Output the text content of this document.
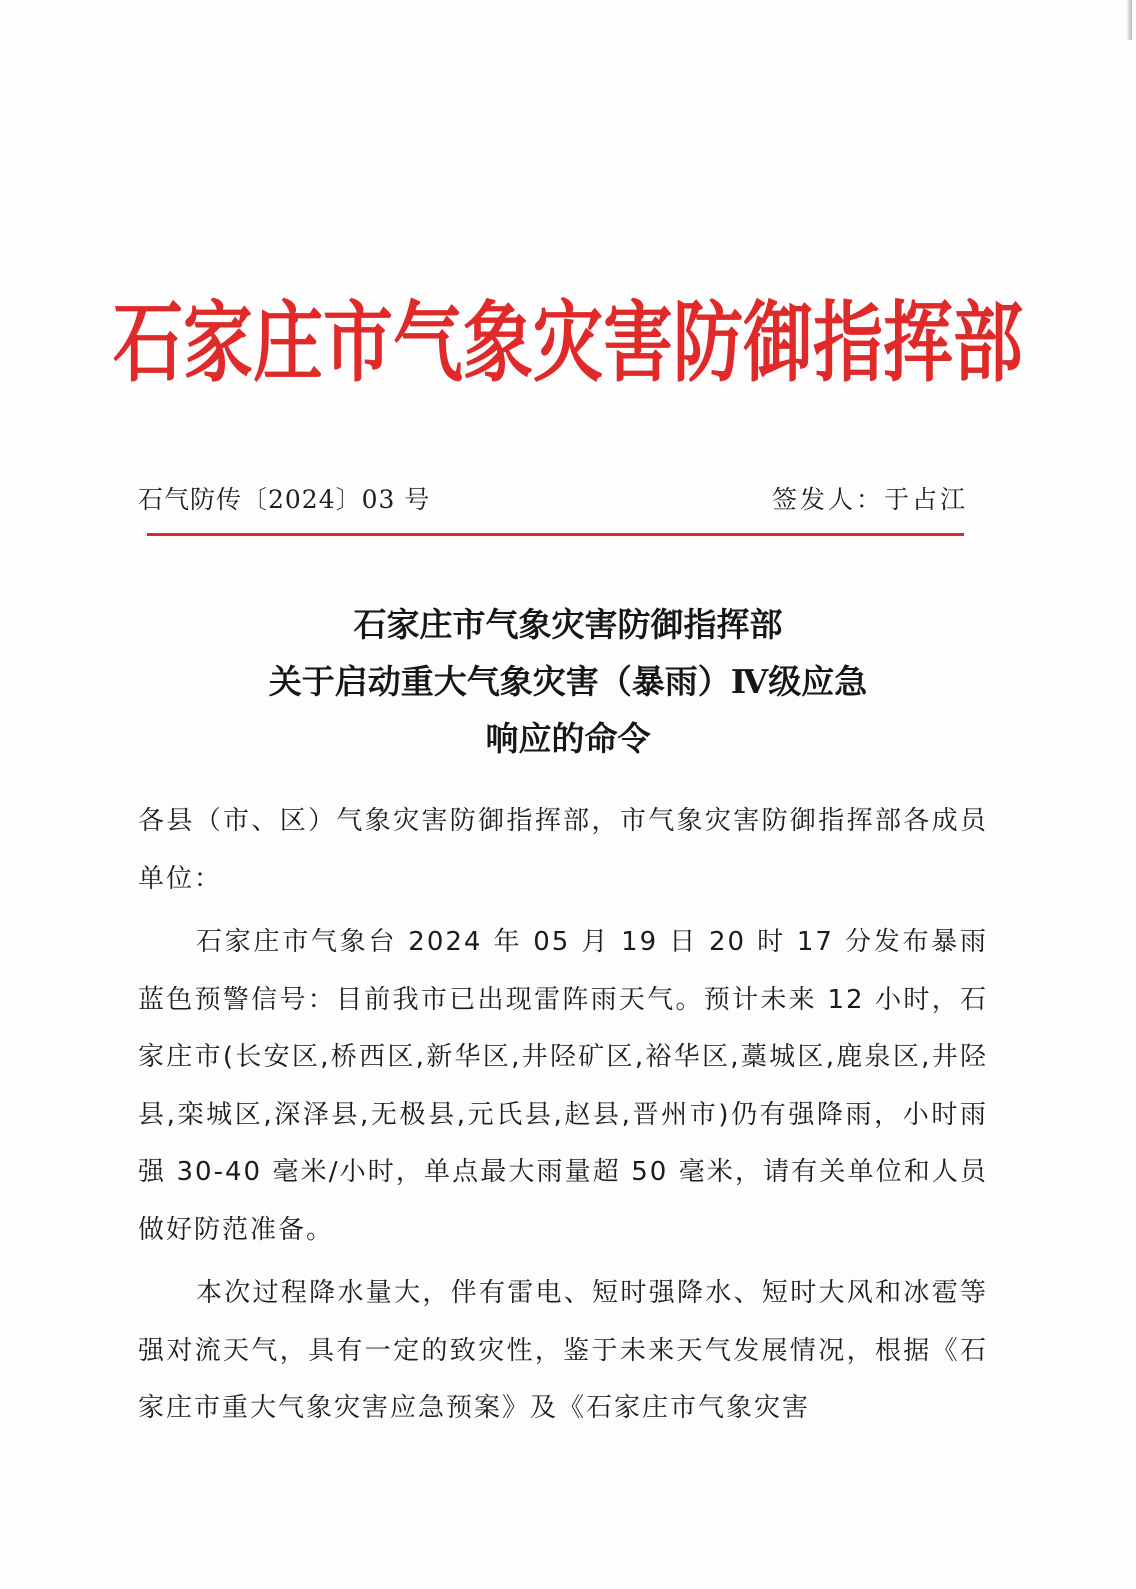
石家庄市气象灾害防御指挥部
石气防传〔2024〕03 号	签发人：于占江
石家庄市气象灾害防御指挥部
关于启动重大气象灾害（暴雨）Ⅳ级应急
响应的命令

各县（市、区）气象灾害防御指挥部，市气象灾害防御指挥部各成员单位：

石家庄市气象台 2024 年 05 月 19 日 20 时 17 分发布暴雨蓝色预警信号：目前我市已出现雷阵雨天气。预计未来 12 小时，石家庄市(长安区,桥西区,新华区,井陉矿区,裕华区,藁城区,鹿泉区,井陉县,栾城区,深泽县,无极县,元氏县,赵县,晋州市)仍有强降雨，小时雨强 30-40 毫米/小时，单点最大雨量超 50 毫米，请有关单位和人员做好防范准备。

本次过程降水量大，伴有雷电、短时强降水、短时大风和冰雹等强对流天气，具有一定的致灾性，鉴于未来天气发展情况，根据《石家庄市重大气象灾害应急预案》及《石家庄市气象灾害
